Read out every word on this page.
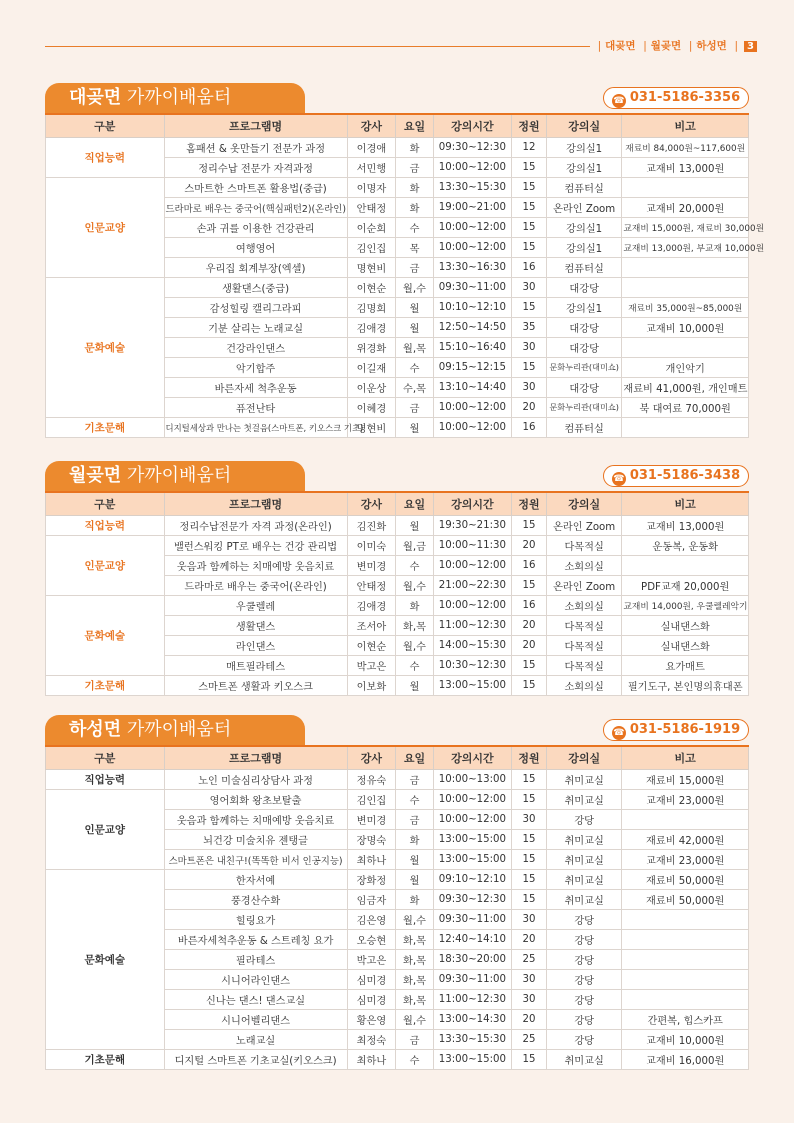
| 대곶면 | 월곶면 | 하성면 | 3
대곶면 가까이배움터	☎ 031-5186-3356
구분	프로그램명	강사	요일	강의시간	정원	강의실	비고
직업능력	홈패션 & 옷만들기 전문가 과정	이경애	화	09:30~12:30	12	강의실1	재료비 84,000원~117,600원
	정리수납 전문가 자격과정	서민행	금	10:00~12:00	15	강의실1	교재비 13,000원
인문교양	스마트한 스마트폰 활용법(중급)	이명자	화	13:30~15:30	15	컴퓨터실	
	드라마로 배우는 중국어(핵심패턴2)(온라인)	안태정	화	19:00~21:00	15	온라인 Zoom	교재비 20,000원
	손과 귀를 이용한 건강관리	이순희	수	10:00~12:00	15	강의실1	교재비 15,000원, 재료비 30,000원
	여행영어	김인집	목	10:00~12:00	15	강의실1	교재비 13,000원, 부교재 10,000원
	우리집 회계부장(엑셀)	명현비	금	13:30~16:30	16	컴퓨터실	
문화예술	생활댄스(중급)	이현순	월,수	09:30~11:00	30	대강당	
	감성힐링 캘리그라피	김명희	월	10:10~12:10	15	강의실1	재료비 35,000원~85,000원
	기분 살리는 노래교실	김애경	월	12:50~14:50	35	대강당	교재비 10,000원
	건강라인댄스	위경화	월,목	15:10~16:40	30	대강당	
	악기합주	이길재	수	09:15~12:15	15	문화누리관(대미쇼)	개인악기
	바른자세 척추운동	이운상	수,목	13:10~14:40	30	대강당	재료비 41,000원, 개인매트
	퓨전난타	이혜경	금	10:00~12:00	20	문화누리관(대미쇼)	북 대여료 70,000원
기초문해	디지털세상과 만나는 첫걸음(스마트폰, 키오스크 기초)	명현비	월	10:00~12:00	16	컴퓨터실	
월곶면 가까이배움터	☎ 031-5186-3438
구분	프로그램명	강사	요일	강의시간	정원	강의실	비고
직업능력	정리수납전문가 자격 과정(온라인)	김진화	월	19:30~21:30	15	온라인 Zoom	교재비 13,000원
인문교양	밸런스워킹 PT로 배우는 건강 관리법	이미숙	월,금	10:00~11:30	20	다목적실	운동복, 운동화
	웃음과 함께하는 치매예방 웃음치료	변미경	수	10:00~12:00	16	소회의실	
	드라마로 배우는 중국어(온라인)	안태정	월,수	21:00~22:30	15	온라인 Zoom	PDF교재 20,000원
문화예술	우쿨렐레	김애경	화	10:00~12:00	16	소회의실	교재비 14,000원, 우쿨렐레악기
	생활댄스	조서아	화,목	11:00~12:30	20	다목적실	실내댄스화
	라인댄스	이현순	월,수	14:00~15:30	20	다목적실	실내댄스화
	매트필라테스	박고은	수	10:30~12:30	15	다목적실	요가매트
기초문해	스마트폰 생활과 키오스크	이보화	월	13:00~15:00	15	소회의실	필기도구, 본인명의휴대폰
하성면 가까이배움터	☎ 031-5186-1919
구분	프로그램명	강사	요일	강의시간	정원	강의실	비고
직업능력	노인 미술심리상담사 과정	정유숙	금	10:00~13:00	15	취미교실	재료비 15,000원
인문교양	영어회화 왕초보탈출	김인집	수	10:00~12:00	15	취미교실	교재비 23,000원
	웃음과 함께하는 치매예방 웃음치료	변미경	금	10:00~12:00	30	강당	
	뇌건강 미술치유 젠탱글	장명숙	화	13:00~15:00	15	취미교실	재료비 42,000원
	스마트폰은 내친구!(똑똑한 비서 인공지능)	최하나	월	13:00~15:00	15	취미교실	교재비 23,000원
문화예술	한자서예	장화정	월	09:10~12:10	15	취미교실	재료비 50,000원
	풍경산수화	임금자	화	09:30~12:30	15	취미교실	재료비 50,000원
	힐링요가	김은영	월,수	09:30~11:00	30	강당	
	바른자세척추운동 & 스트레칭 요가	오승현	화,목	12:40~14:10	20	강당	
	필라테스	박고은	화,목	18:30~20:00	25	강당	
	시니어라인댄스	심미경	화,목	09:30~11:00	30	강당	
	신나는 댄스! 댄스교실	심미경	화,목	11:00~12:30	30	강당	
	시니어벨리댄스	황은영	월,수	13:00~14:30	20	강당	간편복, 힙스카프
	노래교실	최정숙	금	13:30~15:30	25	강당	교재비 10,000원
기초문해	디지털 스마트폰 기초교실(키오스크)	최하나	수	13:00~15:00	15	취미교실	교재비 16,000원
